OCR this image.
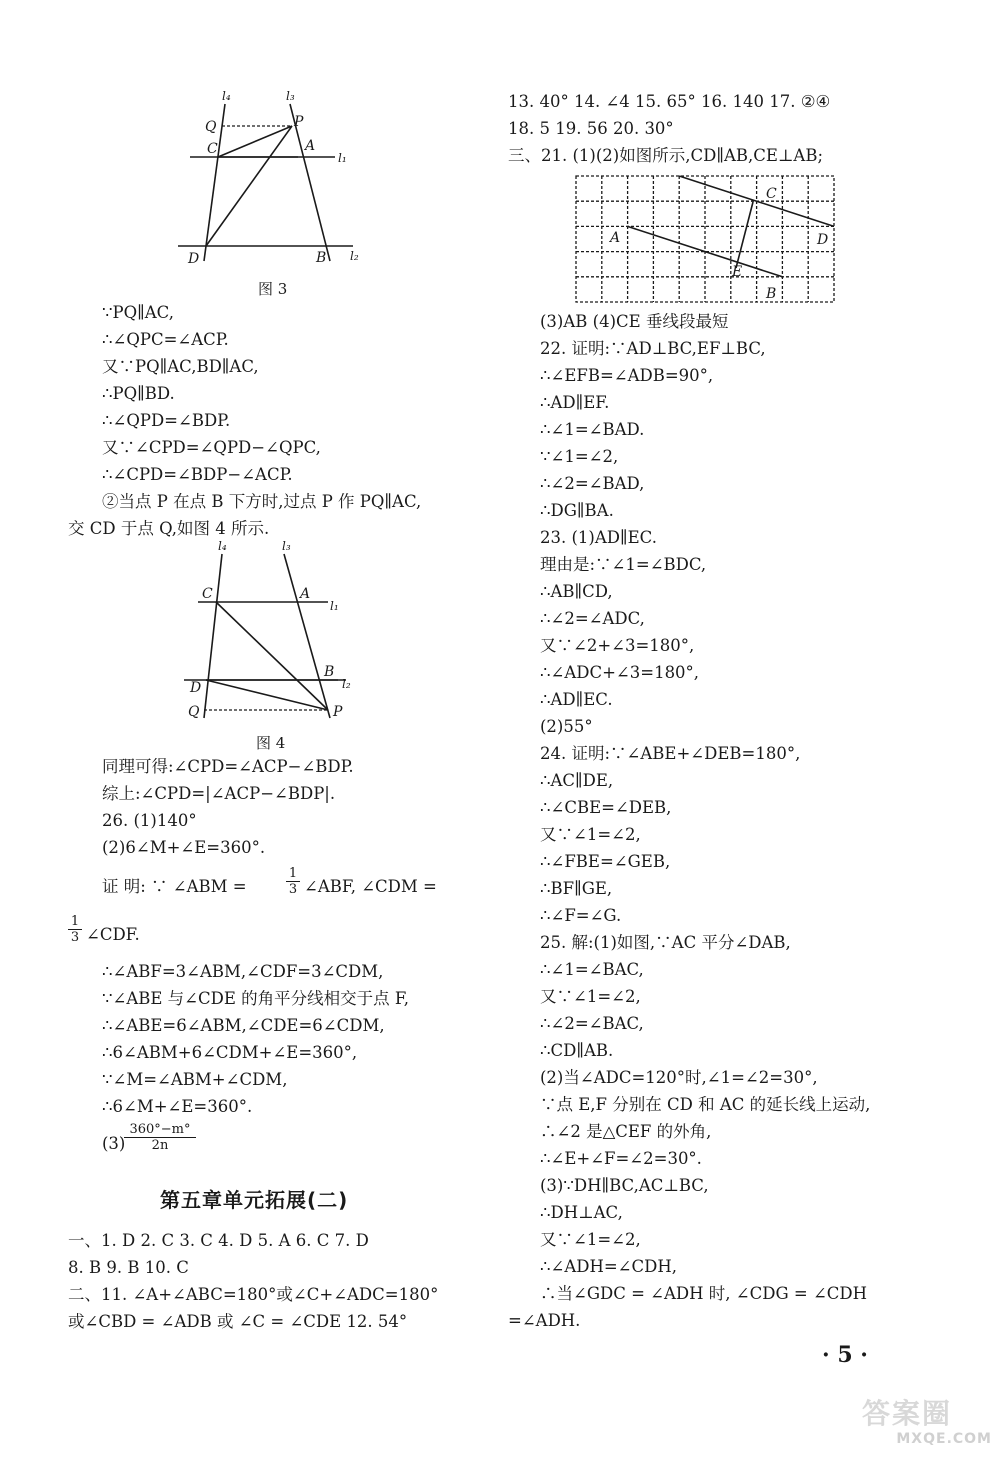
l₄	l₃
Q	P
C	A
l₁
D	B l₂
图 3
∵PQ∥AC,
∴∠QPC=∠ACP.
又∵PQ∥AC,BD∥AC,
∴PQ∥BD.
∴∠QPD=∠BDP.
又∵∠CPD=∠QPD−∠QPC,
∴∠CPD=∠BDP−∠ACP.
②当点 P 在点 B 下方时,过点 P 作 PQ∥AC,
交 CD 于点 Q,如图 4 所示.
l₄	l₃
C	A
l₁
B
D	l₂
Q	P
图 4
同理可得:∠CPD=∠ACP−∠BDP.
综上:∠CPD=|∠ACP−∠BDP|.
26. (1)140°
(2)6∠M+∠E=360°.
证 明: ∵ ∠ABM =	$\frac{1}{3}$ ∠ABF, ∠CDM =
$\frac{1}{3}$ ∠CDF.
∴∠ABF=3∠ABM,∠CDF=3∠CDM,
∵∠ABE 与∠CDE 的角平分线相交于点 F,
∴∠ABE=6∠ABM,∠CDE=6∠CDM,
∴6∠ABM+6∠CDM+∠E=360°,
∵∠M=∠ABM+∠CDM,
∴6∠M+∠E=360°.
(3)
$\frac{360^\circ-m^\circ}{2n}$
第五章单元拓展(二)
一、1. D 2. C 3. C 4. D 5. A 6. C 7. D
8. B 9. B 10. C
二、11. ∠A+∠ABC=180°或∠C+∠ADC=180°
或∠CBD = ∠ADB 或 ∠C = ∠CDE 12. 54°
13. 40° 14. ∠4 15. 65° 16. 140 17. ②④
18. 5 19. 56 20. 30°
三、21. (1)(2)如图所示,CD∥AB,CE⊥AB;
A
B
C
D
E
(3)AB (4)CE 垂线段最短
22. 证明:∵AD⊥BC,EF⊥BC,
∴∠EFB=∠ADB=90°,
∴AD∥EF.
∴∠1=∠BAD.
∵∠1=∠2,
∴∠2=∠BAD,
∴DG∥BA.
23. (1)AD∥EC.
理由是:∵∠1=∠BDC,
∴AB∥CD,
∴∠2=∠ADC,
又∵∠2+∠3=180°,
∴∠ADC+∠3=180°,
∴AD∥EC.
(2)55°
24. 证明:∵∠ABE+∠DEB=180°,
∴AC∥DE,
∴∠CBE=∠DEB,
又∵∠1=∠2,
∴∠FBE=∠GEB,
∴BF∥GE,
∴∠F=∠G.
25. 解:(1)如图,∵AC 平分∠DAB,
∴∠1=∠BAC,
又∵∠1=∠2,
∴∠2=∠BAC,
∴CD∥AB.
(2)当∠ADC=120°时,∠1=∠2=30°,
∵点 E,F 分别在 CD 和 AC 的延长线上运动,
∴∠2 是△CEF 的外角,
∴∠E+∠F=∠2=30°.
(3)∵DH∥BC,AC⊥BC,
∴DH⊥AC,
又∵∠1=∠2,
∴∠ADH=∠CDH,
∴当∠GDC = ∠ADH 时, ∠CDG = ∠CDH
=∠ADH.
· 5 ·
答案圈
MXQE.COM
